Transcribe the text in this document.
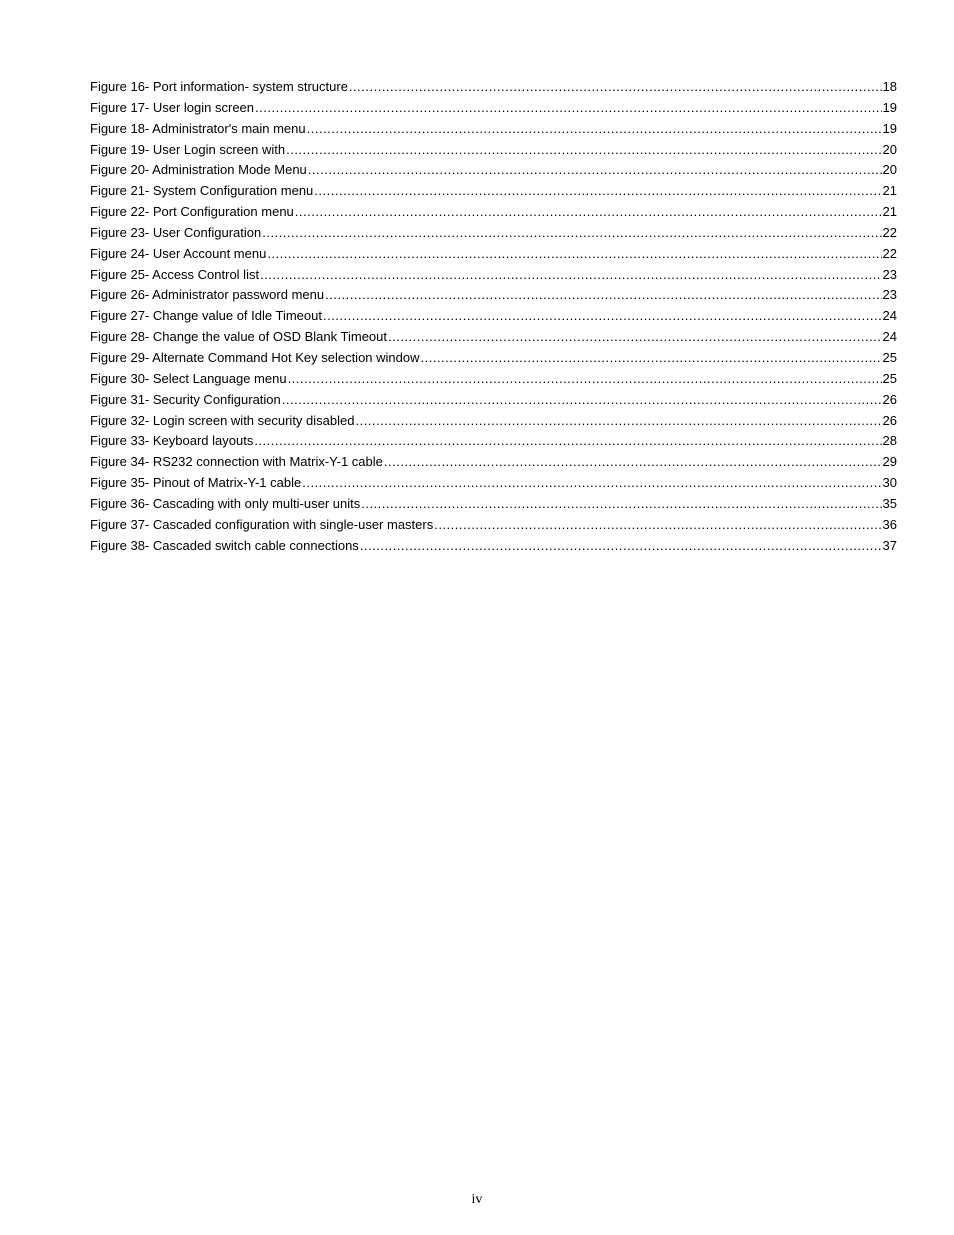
Figure 16- Port information- system structure .....	18
Figure 17- User login screen .....	19
Figure 18- Administrator's main menu .....	19
Figure 19- User Login screen with .....	20
Figure 20- Administration Mode Menu .....	20
Figure 21- System Configuration menu .....	21
Figure 22- Port Configuration menu .....	21
Figure 23- User Configuration .....	22
Figure 24- User Account menu .....	22
Figure 25- Access Control list .....	23
Figure 26- Administrator password menu .....	23
Figure 27- Change value of Idle Timeout .....	24
Figure 28- Change the value of OSD Blank Timeout .....	24
Figure 29- Alternate Command Hot Key selection window .....	25
Figure 30- Select Language menu .....	25
Figure 31- Security Configuration .....	26
Figure 32- Login screen with security disabled .....	26
Figure 33- Keyboard layouts .....	28
Figure 34- RS232 connection with Matrix-Y-1 cable .....	29
Figure 35- Pinout of Matrix-Y-1 cable .....	30
Figure 36- Cascading with only multi-user units .....	35
Figure 37- Cascaded configuration with single-user masters .....	36
Figure 38- Cascaded switch cable connections .....	37
iv
